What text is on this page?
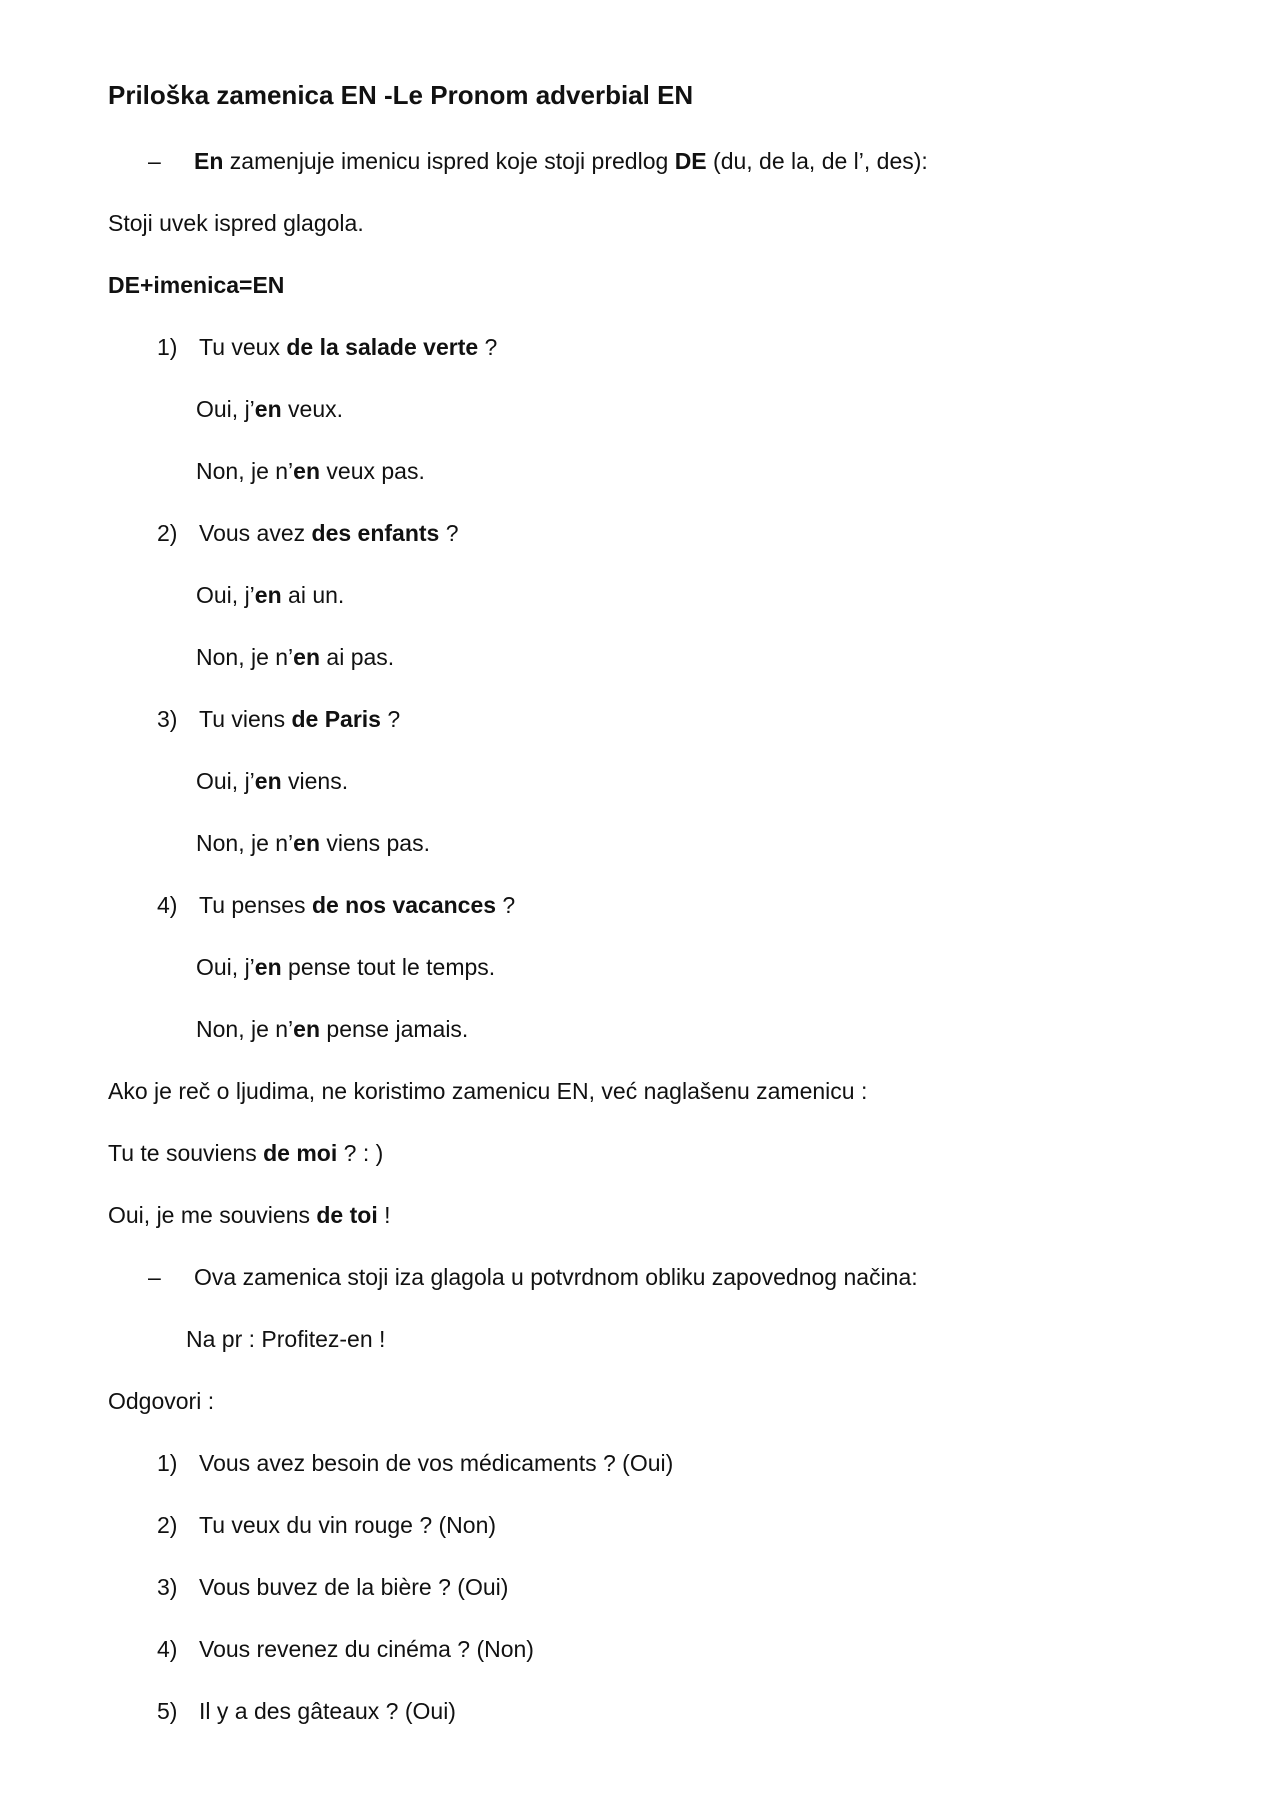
Priloška zamenica EN -Le Pronom adverbial EN
– En zamenjuje imenicu ispred koje stoji predlog DE (du, de la, de l’, des):
Stoji uvek ispred glagola.
DE+imenica=EN
1) Tu veux de la salade verte ?
Oui, j’en veux.
Non, je n’en veux pas.
2) Vous avez des enfants ?
Oui, j’en ai un.
Non, je n’en ai pas.
3) Tu viens de Paris ?
Oui, j’en viens.
Non, je n’en viens pas.
4) Tu penses de nos vacances ?
Oui, j’en pense tout le temps.
Non, je n’en pense jamais.
Ako je reč o ljudima, ne koristimo zamenicu EN, već naglašenu zamenicu :
Tu te souviens de moi ? : )
Oui, je me souviens de toi !
– Ova zamenica stoji iza glagola u potvrdnom obliku zapovednog načina:
Na pr : Profitez-en !
Odgovori :
1) Vous avez besoin de vos médicaments ? (Oui)
2) Tu veux du vin rouge ? (Non)
3) Vous buvez de la bière ? (Oui)
4) Vous revenez du cinéma ? (Non)
5) Il y a des gâteaux ? (Oui)
